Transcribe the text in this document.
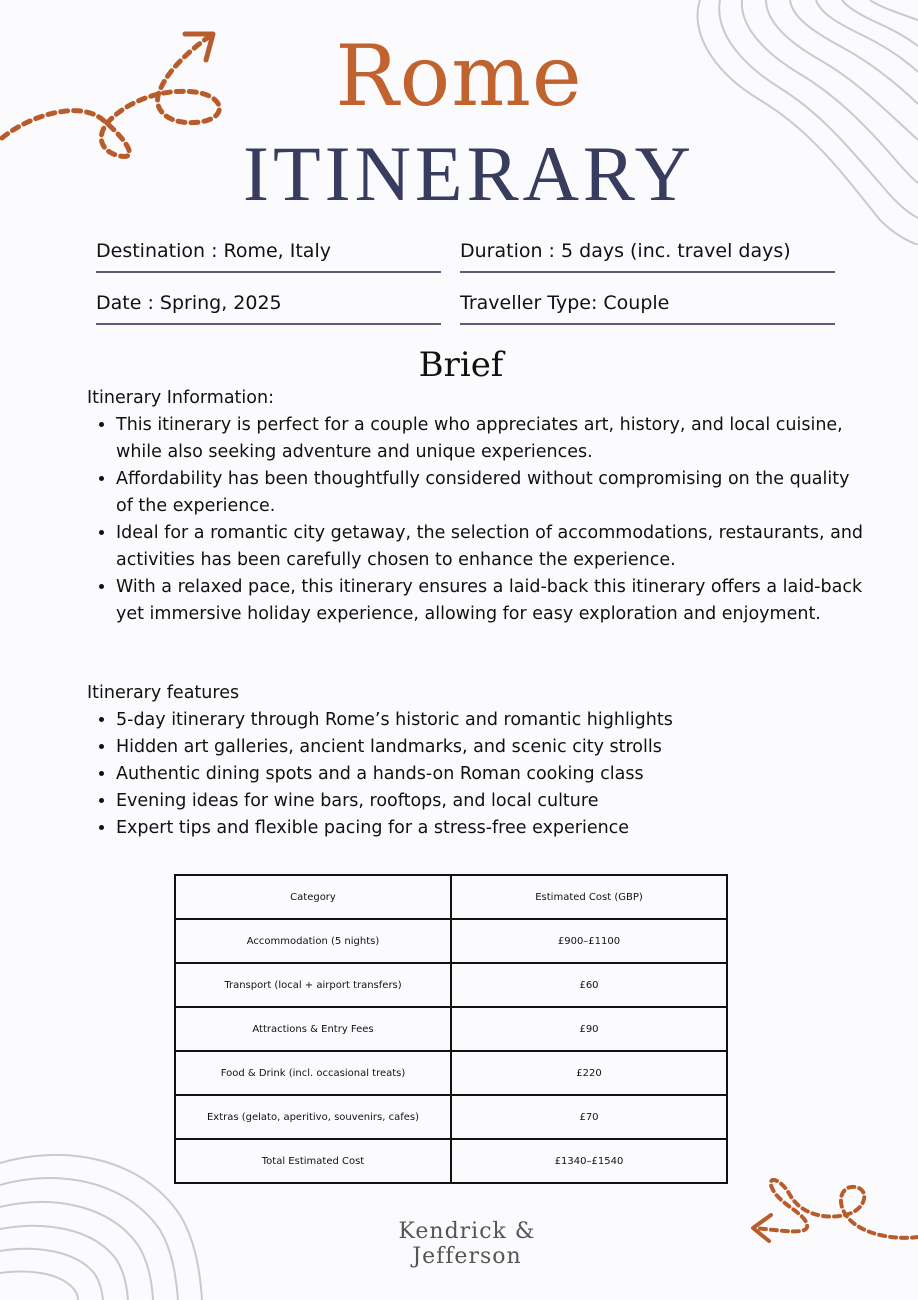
Rome
ITINERARY
Destination : Rome, Italy	Duration : 5 days (inc. travel days)
Date : Spring, 2025	Traveller Type: Couple
Brief
Itinerary Information:
• This itinerary is perfect for a couple who appreciates art, history, and local cuisine, while also seeking adventure and unique experiences.
• Affordability has been thoughtfully considered without compromising on the quality of the experience.
• Ideal for a romantic city getaway, the selection of accommodations, restaurants, and activities has been carefully chosen to enhance the experience.
• With a relaxed pace, this itinerary ensures a laid-back this itinerary offers a laid-back yet immersive holiday experience, allowing for easy exploration and enjoyment.
Itinerary features
• 5-day itinerary through Rome’s historic and romantic highlights
• Hidden art galleries, ancient landmarks, and scenic city strolls
• Authentic dining spots and a hands-on Roman cooking class
• Evening ideas for wine bars, rooftops, and local culture
• Expert tips and flexible pacing for a stress-free experience
Category	Estimated Cost (GBP)
Accommodation (5 nights)	£900–£1100
Transport (local + airport transfers)	£60
Attractions & Entry Fees	£90
Food & Drink (incl. occasional treats)	£220
Extras (gelato, aperitivo, souvenirs, cafes)	£70
Total Estimated Cost	£1340–£1540
Kendrick &
Jefferson
